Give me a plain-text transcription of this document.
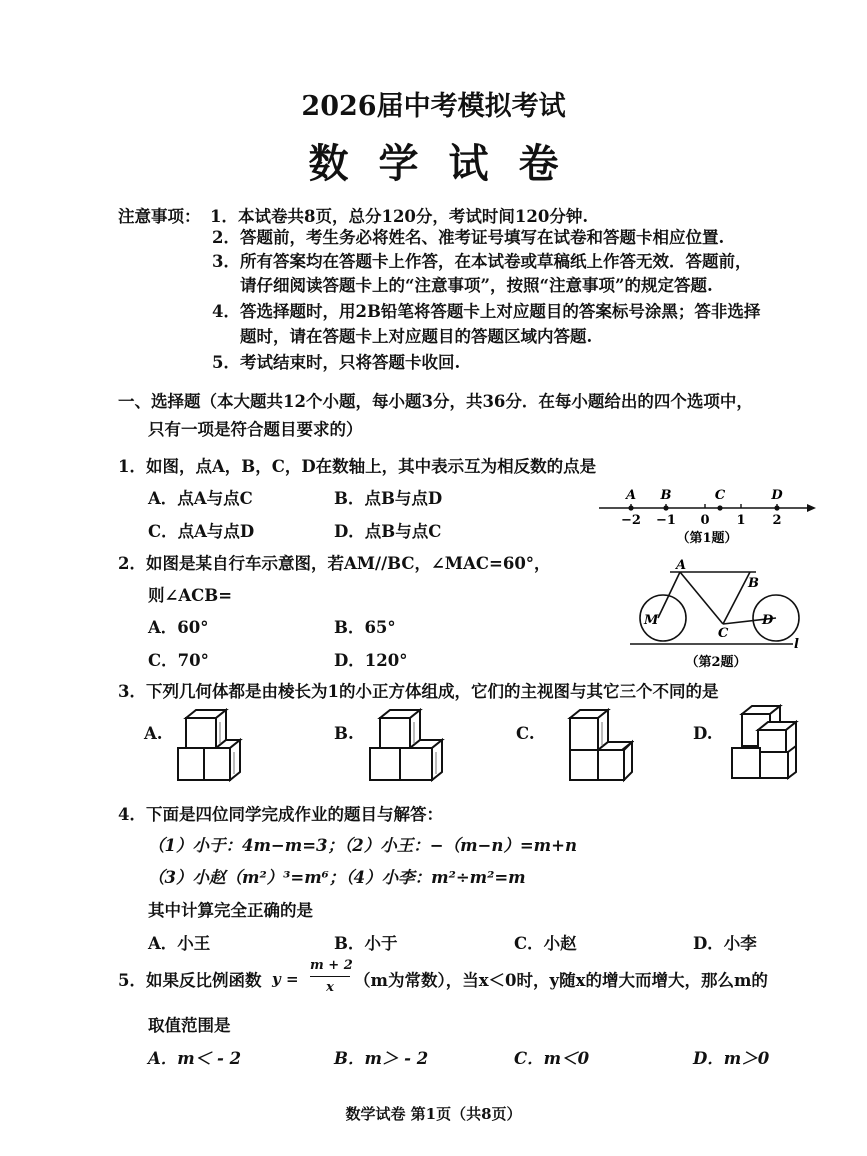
2026届中考模拟考试
数学试卷
注意事项： 1．本试卷共8页，总分120分，考试时间120分钟.
2．答题前，考生务必将姓名、准考证号填写在试卷和答题卡相应位置.
3．所有答案均在答题卡上作答，在本试卷或草稿纸上作答无效．答题前，
请仔细阅读答题卡上的“注意事项”，按照“注意事项”的规定答题.
4．答选择题时，用2B铅笔将答题卡上对应题目的答案标号涂黑；答非选择
题时，请在答题卡上对应题目的答题区域内答题.
5．考试结束时，只将答题卡收回.
一、选择题（本大题共12个小题，每小题3分，共36分．在每小题给出的四个选项中，
只有一项是符合题目要求的）
1．如图，点A，B，C，D在数轴上，其中表示互为相反数的点是
A．点A与点C	B．点B与点D
C．点A与点D	D．点B与点C
A B	C	D
−2 −1 0 1 2
（第1题）
2．如图是某自行车示意图，若AM//BC，∠MAC=60°，
则∠ACB=
A．60°	B．65°
C．70°	D．120°
A
B
M
C
D
l
（第2题）
3．下列几何体都是由棱长为1的小正方体组成，它们的主视图与其它三个不同的是
A.	B.	C.	D.
4．下面是四位同学完成作业的题目与解答：
（1）小于：4m−m=3；（2）小王：−（m−n）=m+n
（3）小赵（m²）³=m⁶；（4）小李：m²÷m²=m
其中计算完全正确的是
A．小王	B．小于	C．小赵	D．小李
5．如果反比例函数 y =
m + 2
x	（m为常数），当x＜0时，y随x的增大而增大，那么m的
取值范围是
A．m＜ - 2	B．m＞ - 2	C．m＜0	D．m＞0
数学试卷 第1页（共8页）
